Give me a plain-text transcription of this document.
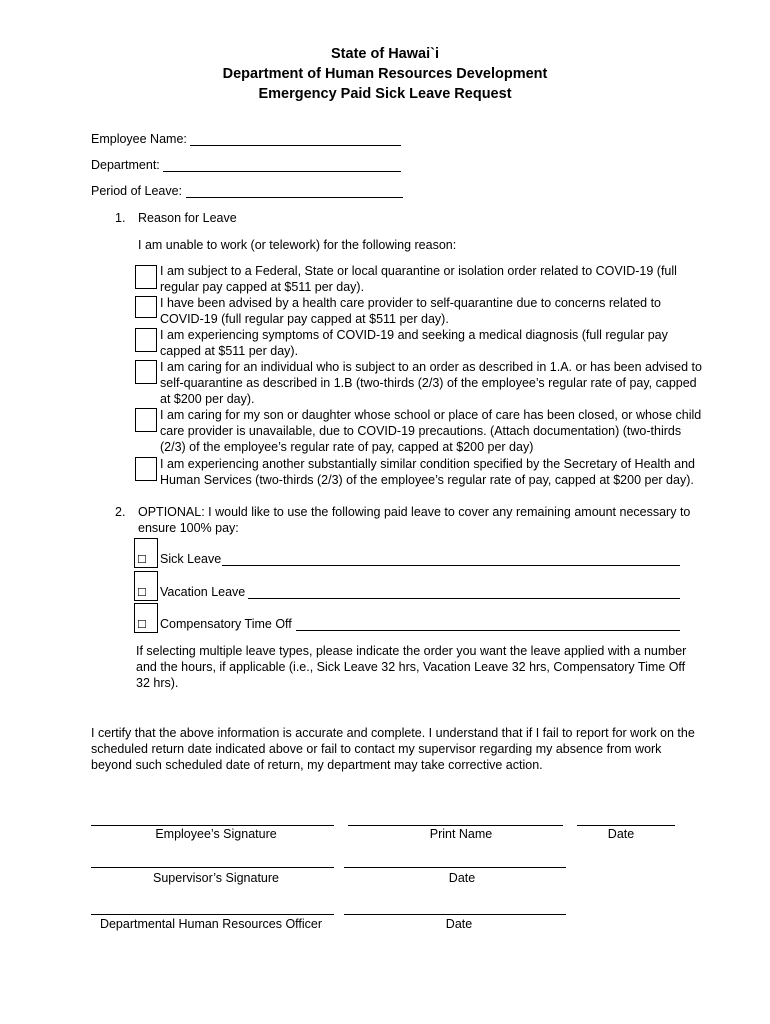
State of Hawai`i
Department of Human Resources Development
Emergency Paid Sick Leave Request
Employee Name:
Department:
Period of Leave:
1. Reason for Leave
I am unable to work (or telework) for the following reason:
I am subject to a Federal, State or local quarantine or isolation order related to COVID-19 (full regular pay capped at $511 per day).
I have been advised by a health care provider to self-quarantine due to concerns related to COVID-19 (full regular pay capped at $511 per day).
I am experiencing symptoms of COVID-19 and seeking a medical diagnosis (full regular pay capped at $511 per day).
I am caring for an individual who is subject to an order as described in 1.A. or has been advised to self-quarantine as described in 1.B (two-thirds (2/3) of the employee’s regular rate of pay, capped at $200 per day).
I am caring for my son or daughter whose school or place of care has been closed, or whose child care provider is unavailable, due to COVID-19 precautions. (Attach documentation) (two-thirds (2/3) of the employee’s regular rate of pay, capped at $200 per day)
I am experiencing another substantially similar condition specified by the Secretary of Health and Human Services (two-thirds (2/3) of the employee’s regular rate of pay, capped at $200 per day).
2. OPTIONAL: I would like to use the following paid leave to cover any remaining amount necessary to
ensure 100% pay:
☐ Sick Leave
☐ Vacation Leave
☐ Compensatory Time Off
If selecting multiple leave types, please indicate the order you want the leave applied with a number
and the hours, if applicable (i.e., Sick Leave 32 hrs, Vacation Leave 32 hrs, Compensatory Time Off
32 hrs).
I certify that the above information is accurate and complete. I understand that if I fail to report for work on the
scheduled return date indicated above or fail to contact my supervisor regarding my absence from work
beyond such scheduled date of return, my department may take corrective action.
Employee’s Signature	Print Name	Date
Supervisor’s Signature	Date
Departmental Human Resources Officer	Date
